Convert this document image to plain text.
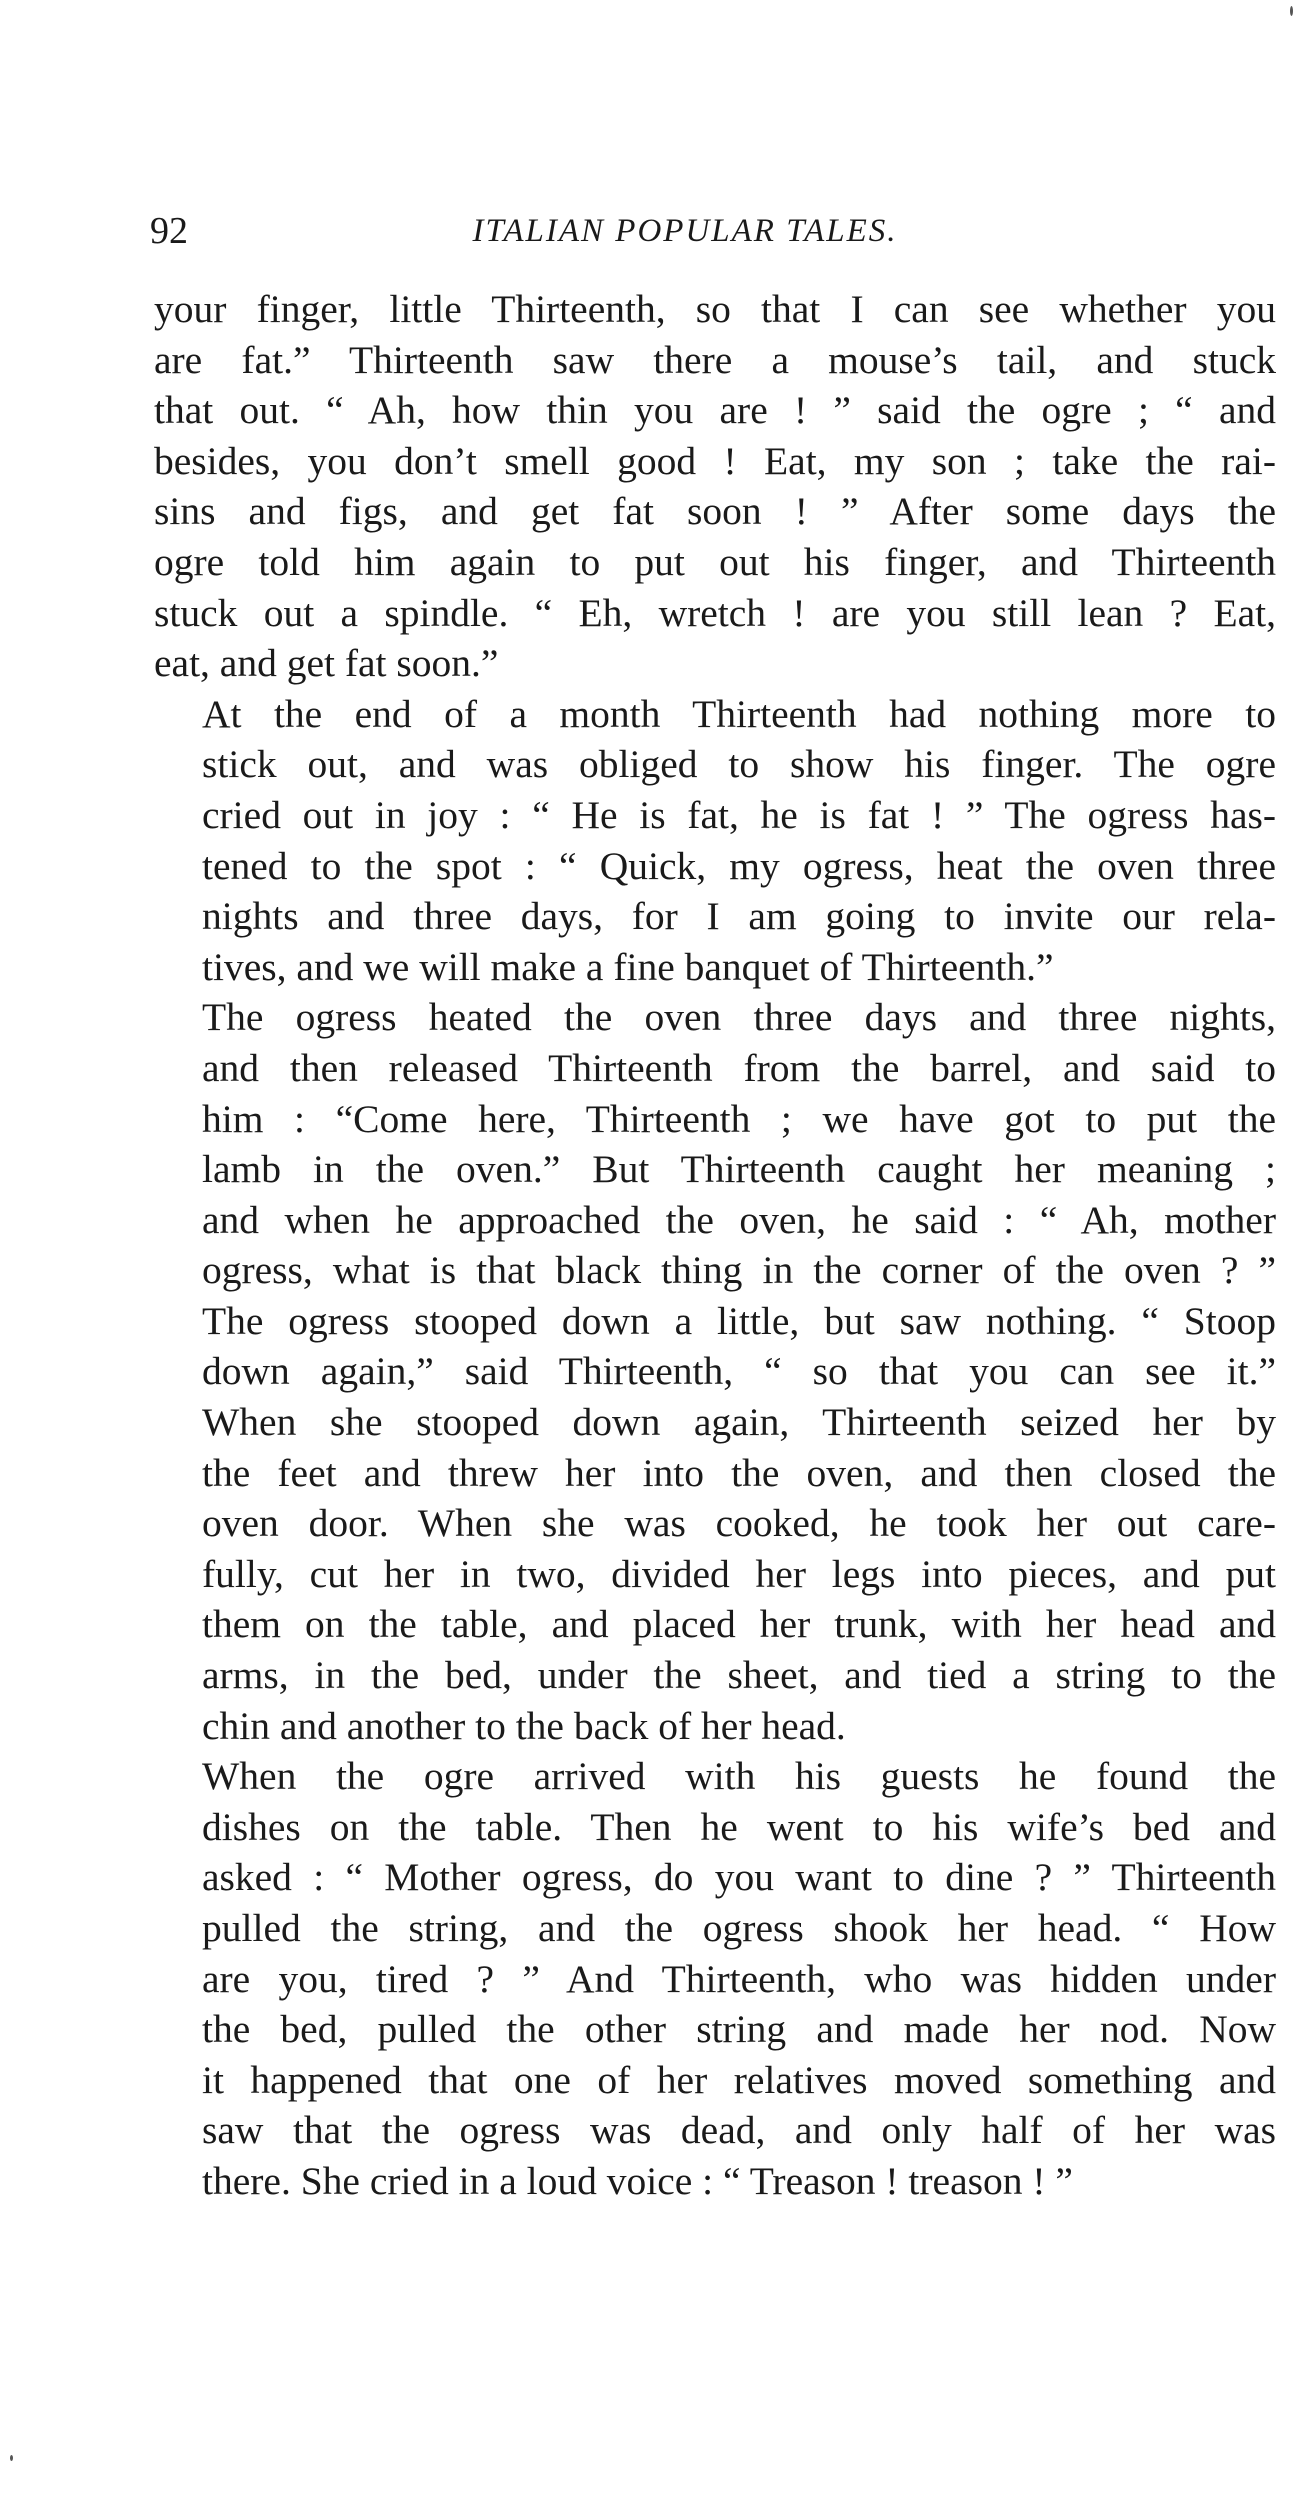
92	ITALIAN POPULAR TALES.

your finger, little Thirteenth, so that I can see whether you
are fat.” Thirteenth saw there a mouse’s tail, and stuck
that out. “ Ah, how thin you are ! ” said the ogre ; “ and
besides, you don’t smell good ! Eat, my son ; take the rai-
sins and figs, and get fat soon ! ” After some days the
ogre told him again to put out his finger, and Thirteenth
stuck out a spindle. “ Eh, wretch ! are you still lean ? Eat,
eat, and get fat soon.”

At the end of a month Thirteenth had nothing more to
stick out, and was obliged to show his finger. The ogre
cried out in joy : “ He is fat, he is fat ! ” The ogress has-
tened to the spot : “ Quick, my ogress, heat the oven three
nights and three days, for I am going to invite our rela-
tives, and we will make a fine banquet of Thirteenth.”

The ogress heated the oven three days and three nights,
and then released Thirteenth from the barrel, and said to
him : “Come here, Thirteenth ; we have got to put the
lamb in the oven.” But Thirteenth caught her meaning ;
and when he approached the oven, he said : “ Ah, mother
ogress, what is that black thing in the corner of the oven ? ”
The ogress stooped down a little, but saw nothing. “ Stoop
down again,” said Thirteenth, “ so that you can see it.”
When she stooped down again, Thirteenth seized her by
the feet and threw her into the oven, and then closed the
oven door. When she was cooked, he took her out care-
fully, cut her in two, divided her legs into pieces, and put
them on the table, and placed her trunk, with her head and
arms, in the bed, under the sheet, and tied a string to the
chin and another to the back of her head.

When the ogre arrived with his guests he found the
dishes on the table. Then he went to his wife’s bed and
asked : “ Mother ogress, do you want to dine ? ” Thirteenth
pulled the string, and the ogress shook her head. “ How
are you, tired ? ” And Thirteenth, who was hidden under
the bed, pulled the other string and made her nod. Now
it happened that one of her relatives moved something and
saw that the ogress was dead, and only half of her was
there. She cried in a loud voice : “ Treason ! treason ! ”
